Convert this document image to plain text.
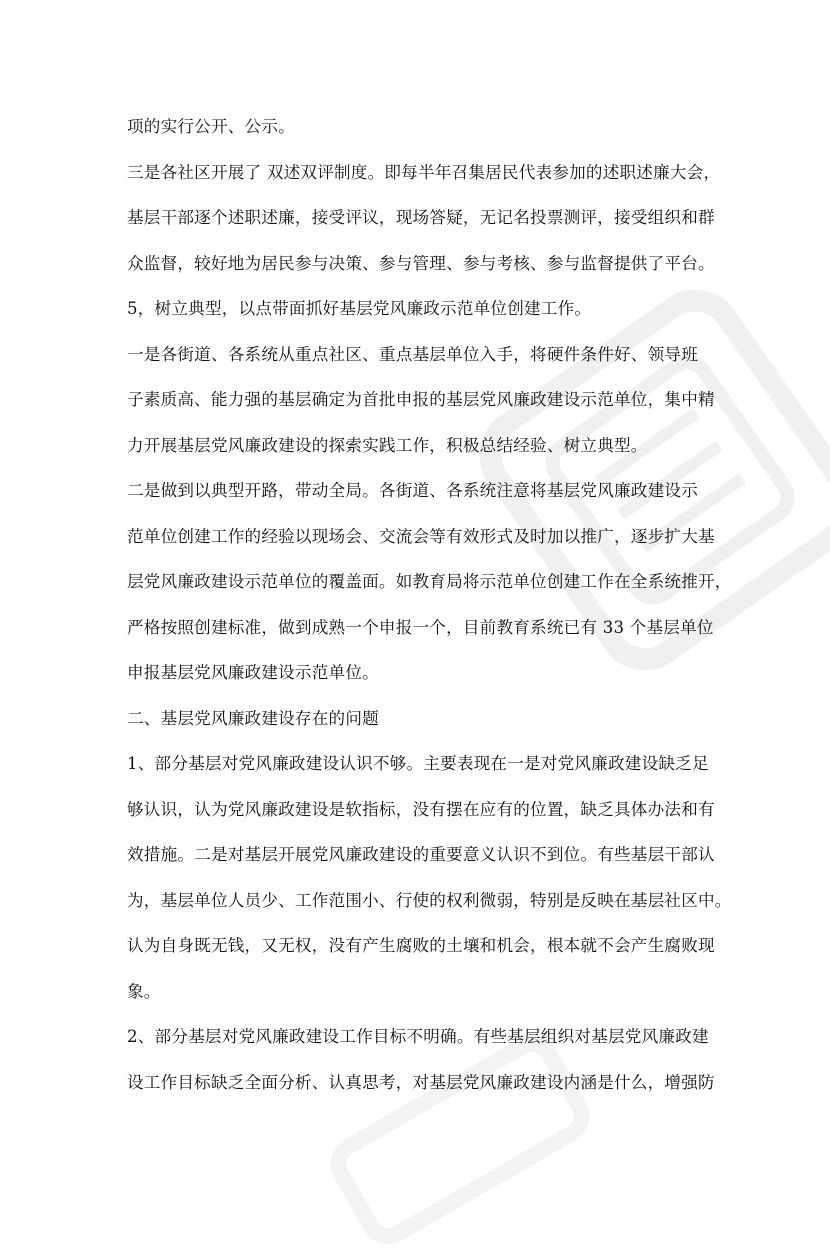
项的实行公开、公示。
三是各社区开展了 双述双评制度。即每半年召集居民代表参加的述职述廉大会，
基层干部逐个述职述廉，接受评议，现场答疑，无记名投票测评，接受组织和群
众监督，较好地为居民参与决策、参与管理、参与考核、参与监督提供了平台。
5，树立典型，以点带面抓好基层党风廉政示范单位创建工作。
一是各街道、各系统从重点社区、重点基层单位入手，将硬件条件好、领导班
子素质高、能力强的基层确定为首批申报的基层党风廉政建设示范单位，集中精
力开展基层党风廉政建设的探索实践工作，积极总结经验、树立典型。
二是做到以典型开路，带动全局。各街道、各系统注意将基层党风廉政建设示
范单位创建工作的经验以现场会、交流会等有效形式及时加以推广，逐步扩大基
层党风廉政建设示范单位的覆盖面。如教育局将示范单位创建工作在全系统推开，
严格按照创建标准，做到成熟一个申报一个，目前教育系统已有 33 个基层单位
申报基层党风廉政建设示范单位。
二、基层党风廉政建设存在的问题
1、部分基层对党风廉政建设认识不够。主要表现在一是对党风廉政建设缺乏足
够认识，认为党风廉政建设是软指标，没有摆在应有的位置，缺乏具体办法和有
效措施。二是对基层开展党风廉政建设的重要意义认识不到位。有些基层干部认
为，基层单位人员少、工作范围小、行使的权利微弱，特别是反映在基层社区中。
认为自身既无钱，又无权，没有产生腐败的土壤和机会，根本就不会产生腐败现
象。
2、部分基层对党风廉政建设工作目标不明确。有些基层组织对基层党风廉政建
设工作目标缺乏全面分析、认真思考，对基层党风廉政建设内涵是什么，增强防
